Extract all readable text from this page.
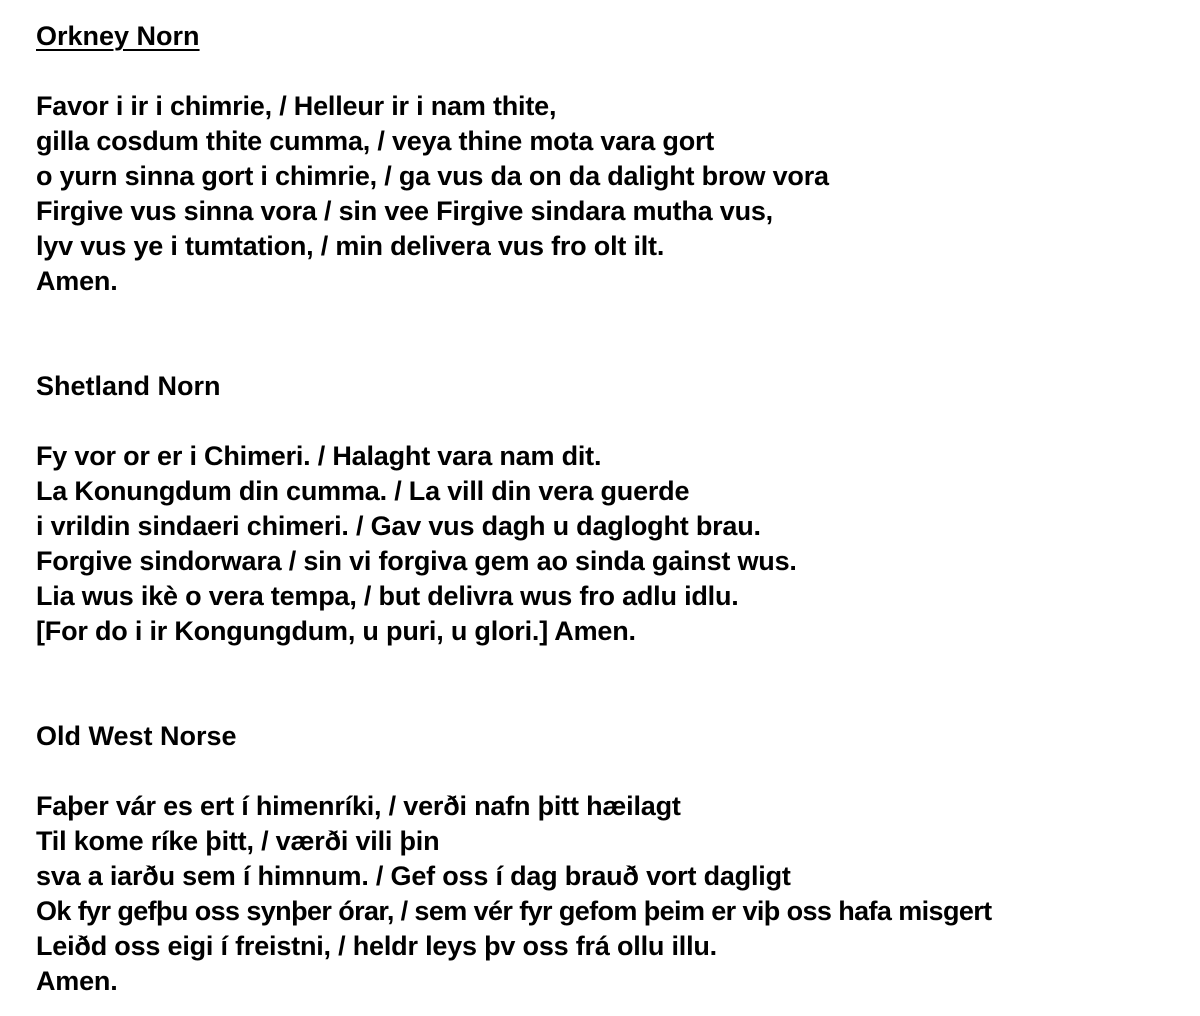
Orkney Norn
Favor i ir i chimrie, / Helleur ir i nam thite,
gilla cosdum thite cumma, / veya thine mota vara gort
o yurn sinna gort i chimrie, / ga vus da on da dalight brow vora
Firgive vus sinna vora / sin vee Firgive sindara mutha vus,
lyv vus ye i tumtation, / min delivera vus fro olt ilt.
Amen.
Shetland Norn
Fy vor or er i Chimeri. / Halaght vara nam dit.
La Konungdum din cumma. / La vill din vera guerde
i vrildin sindaeri chimeri. / Gav vus dagh u dagloght brau.
Forgive sindorwara / sin vi forgiva gem ao sinda gainst wus.
Lia wus ikè o vera tempa, / but delivra wus fro adlu idlu.
[For do i ir Kongungdum, u puri, u glori.] Amen.
Old West Norse
Faþer vár es ert í himenríki, / verði nafn þitt hæilagt
Til kome ríke þitt, / værði vili þin
sva a iarðu sem í himnum. / Gef oss í dag brauð vort dagligt
Ok fyr gefþu oss synþer órar, / sem vér fyr gefom þeim er viþ oss hafa misgert
Leiðd oss eigi í freistni, / heldr leys þv oss frá ollu illu.
Amen.
